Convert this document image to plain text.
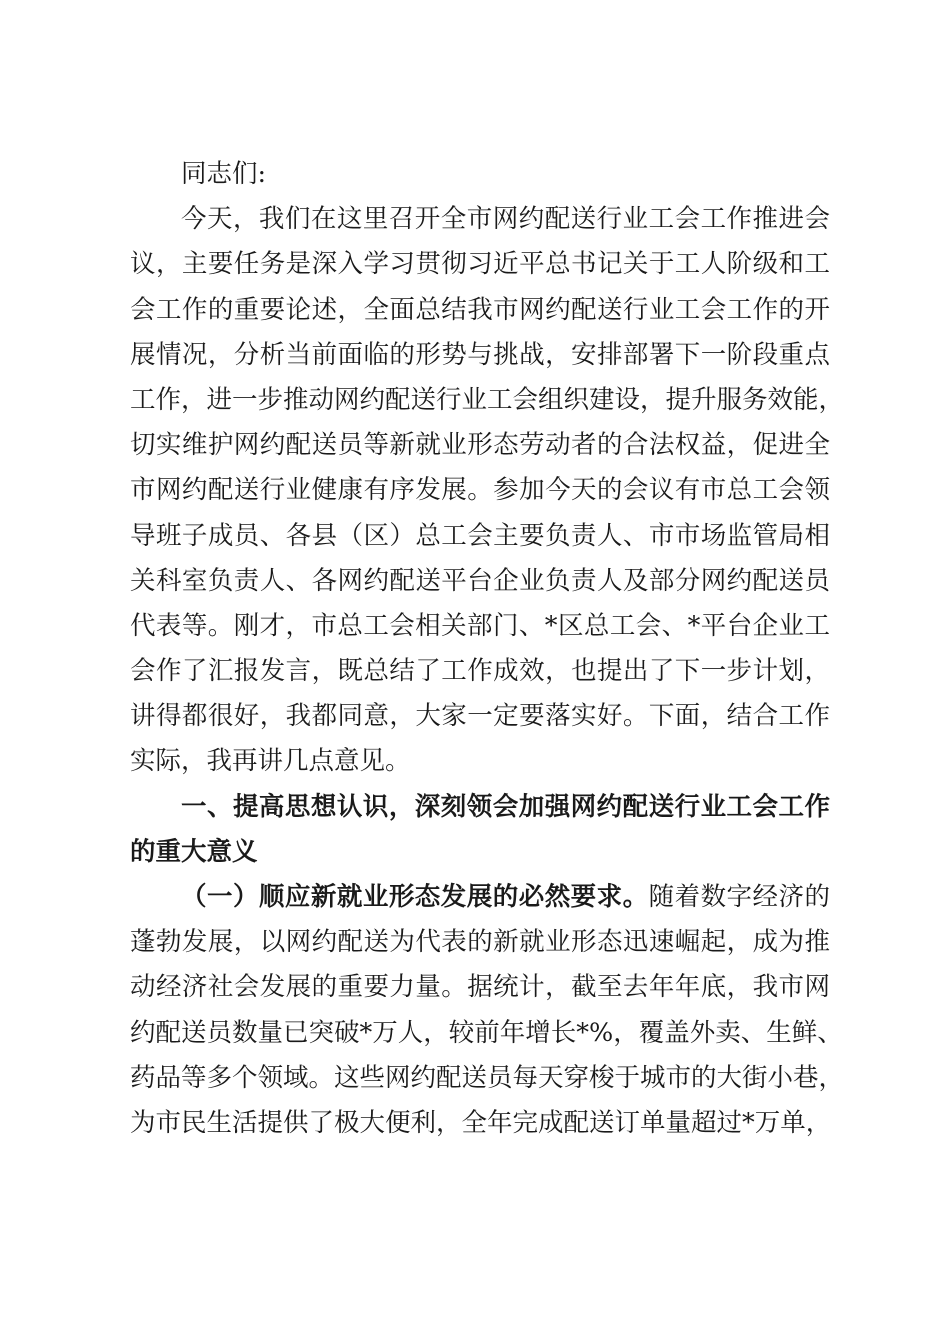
同志们:
今天，我们在这里召开全市网约配送行业工会工作推进会
议，主要任务是深入学习贯彻习近平总书记关于工人阶级和工
会工作的重要论述，全面总结我市网约配送行业工会工作的开
展情况，分析当前面临的形势与挑战，安排部署下一阶段重点
工作，进一步推动网约配送行业工会组织建设，提升服务效能，
切实维护网约配送员等新就业形态劳动者的合法权益，促进全
市网约配送行业健康有序发展。参加今天的会议有市总工会领
导班子成员、各县（区）总工会主要负责人、市市场监管局相
关科室负责人、各网约配送平台企业负责人及部分网约配送员
代表等。刚才，市总工会相关部门、*区总工会、*平台企业工
会作了汇报发言，既总结了工作成效，也提出了下一步计划，
讲得都很好，我都同意，大家一定要落实好。下面，结合工作
实际，我再讲几点意见。
一、提高思想认识，深刻领会加强网约配送行业工会工作
的重大意义
（一）顺应新就业形态发展的必然要求。随着数字经济的
蓬勃发展，以网约配送为代表的新就业形态迅速崛起，成为推
动经济社会发展的重要力量。据统计，截至去年年底，我市网
约配送员数量已突破*万人，较前年增长*%，覆盖外卖、生鲜、
药品等多个领域。这些网约配送员每天穿梭于城市的大街小巷，
为市民生活提供了极大便利，全年完成配送订单量超过*万单，
